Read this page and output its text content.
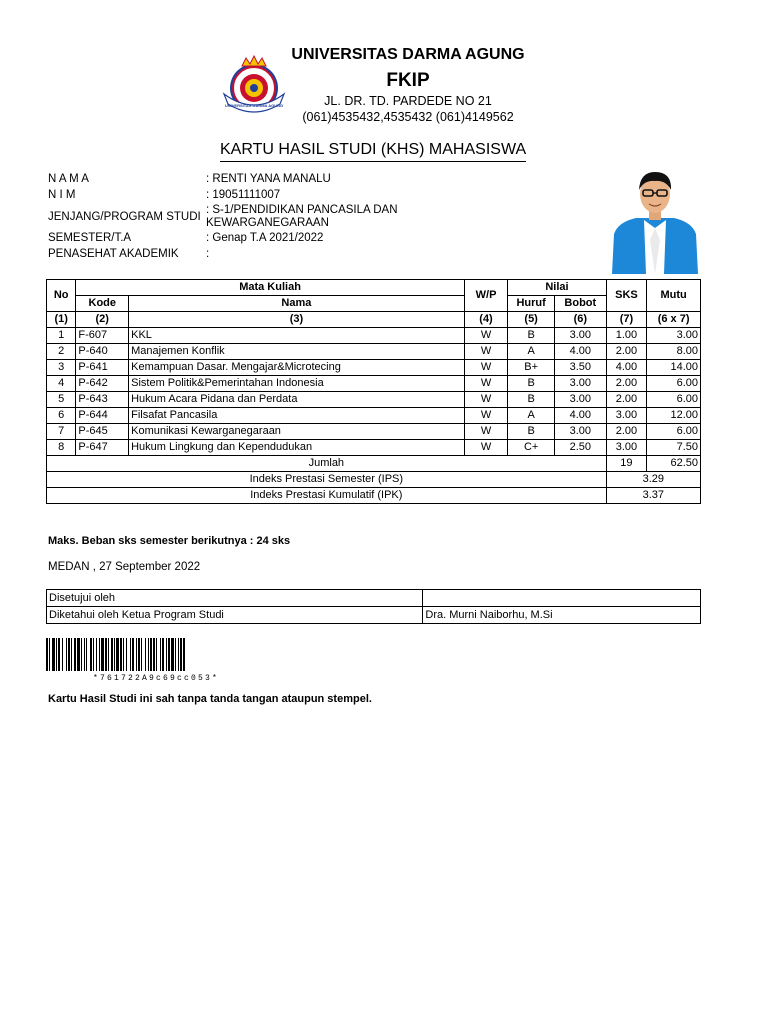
UNIVERSITAS DARMA AGUNG
UNIVERSITAS DARMA AGUNG
FKIP
JL. DR. TD. PARDEDE NO 21
(061)4535432,4535432 (061)4149562
KARTU HASIL STUDI (KHS) MAHASISWA
N A M A	: RENTI YANA MANALU
N I M	: 19051111007
JENJANG/PROGRAM STUDI
: S-1/PENDIDIKAN PANCASILA DAN KEWARGANEGARAAN
SEMESTER/T.A	: Genap T.A 2021/2022
PENASEHAT AKADEMIK	:
No	Mata Kuliah		W/P	Nilai		SKS	Mutu
	Kode	Nama		Huruf	Bobot		
(1)	(2)	(3)	(4)	(5)	(6)	(7)	(6 x 7)
1	F-607	KKL	W	B	3.00	1.00	3.00
2	P-640	Manajemen Konflik	W	A	4.00	2.00	8.00
3	P-641	Kemampuan Dasar. Mengajar&Microtecing	W	B+	3.50	4.00	14.00
4	P-642	Sistem Politik&Pemerintahan Indonesia	W	B	3.00	2.00	6.00
5	P-643	Hukum Acara Pidana dan Perdata	W	B	3.00	2.00	6.00
6	P-644	Filsafat Pancasila	W	A	4.00	3.00	12.00
7	P-645	Komunikasi Kewarganegaraan	W	B	3.00	2.00	6.00
8	P-647	Hukum Lingkung dan Kependudukan	W	C+	2.50	3.00	7.50
Jumlah						19	62.50
Indeks Prestasi Semester (IPS)						3.29	
Indeks Prestasi Kumulatif (IPK)						3.37	
Maks. Beban sks semester berikutnya : 24 sks
MEDAN , 27 September 2022
Disetujui oleh	
Diketahui oleh Ketua Program Studi	Dra. Murni Naiborhu, M.Si
*761722A9c69cc053*
Kartu Hasil Studi ini sah tanpa tanda tangan ataupun stempel.
